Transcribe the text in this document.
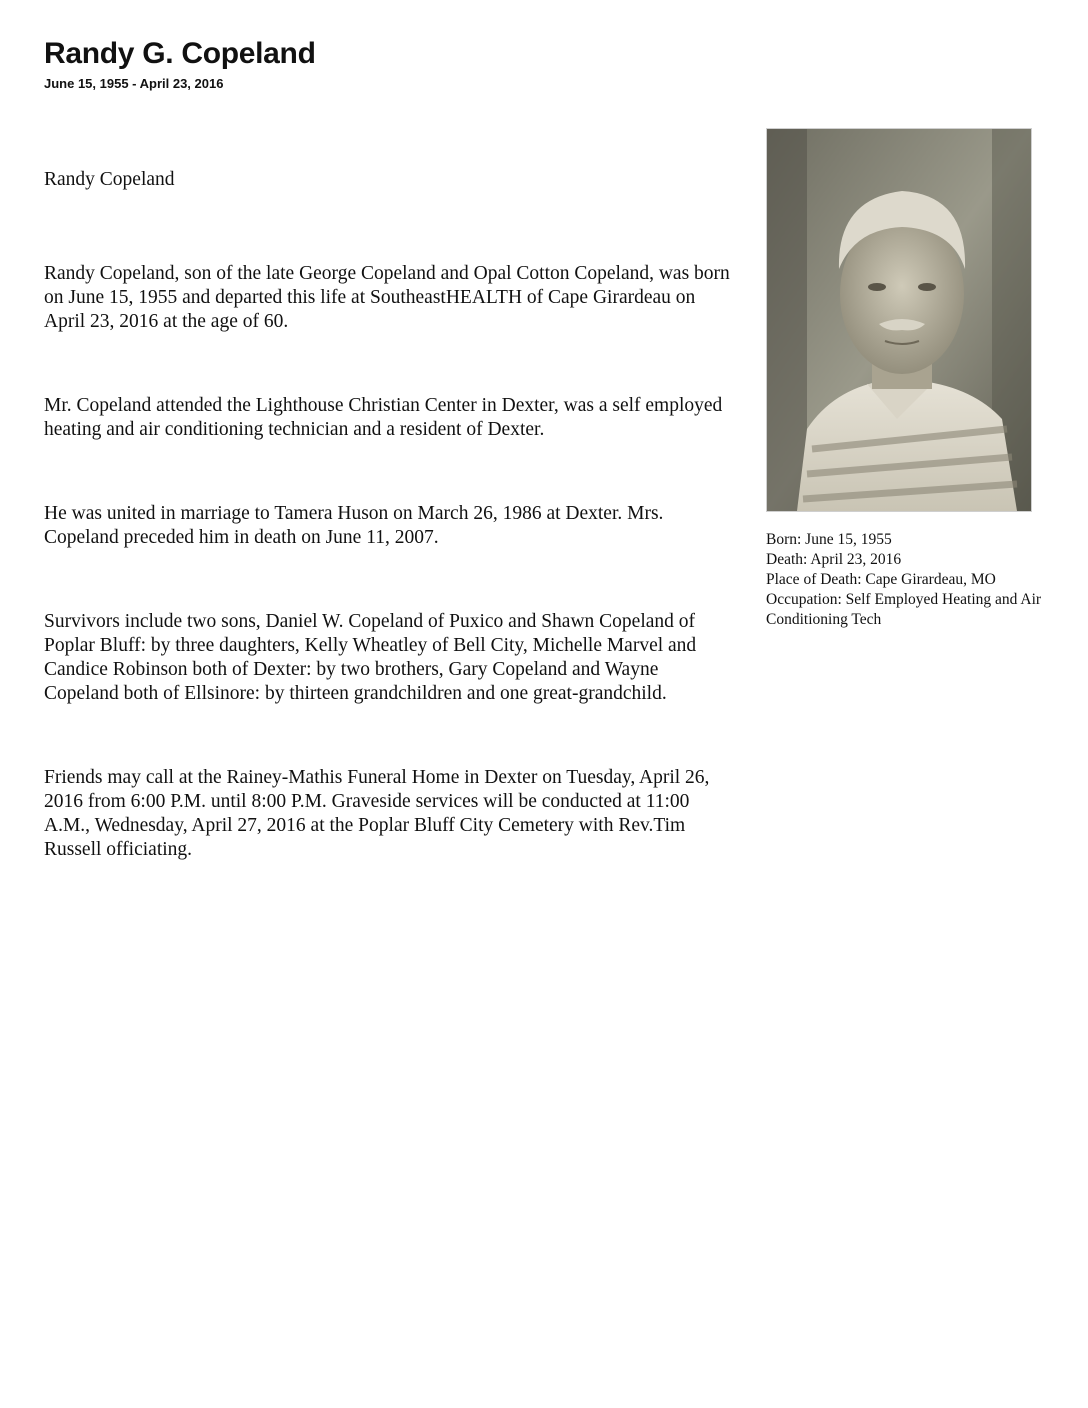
Randy G. Copeland
June 15, 1955 - April 23, 2016

Randy Copeland

Randy Copeland, son of the late George Copeland and Opal Cotton Copeland, was born on June 15, 1955 and departed this life at SoutheastHEALTH of Cape Girardeau on April 23, 2016 at the age of 60.

Mr. Copeland attended the Lighthouse Christian Center in Dexter, was a self employed heating and air conditioning technician and a resident of Dexter.

He was united in marriage to Tamera Huson on March 26, 1986 at Dexter. Mrs. Copeland preceded him in death on June 11, 2007.

Survivors include two sons, Daniel W. Copeland of Puxico and Shawn Copeland of Poplar Bluff: by three daughters, Kelly Wheatley of Bell City, Michelle Marvel and Candice Robinson both of Dexter: by two brothers, Gary Copeland and Wayne Copeland both of Ellsinore: by thirteen grandchildren and one great-grandchild.

Friends may call at the Rainey-Mathis Funeral Home in Dexter on Tuesday, April 26, 2016 from 6:00 P.M. until 8:00 P.M. Graveside services will be conducted at 11:00 A.M., Wednesday, April 27, 2016 at the Poplar Bluff City Cemetery with Rev.Tim Russell officiating.

Born: June 15, 1955
Death: April 23, 2016
Place of Death: Cape Girardeau, MO
Occupation: Self Employed Heating and Air Conditioning Tech
